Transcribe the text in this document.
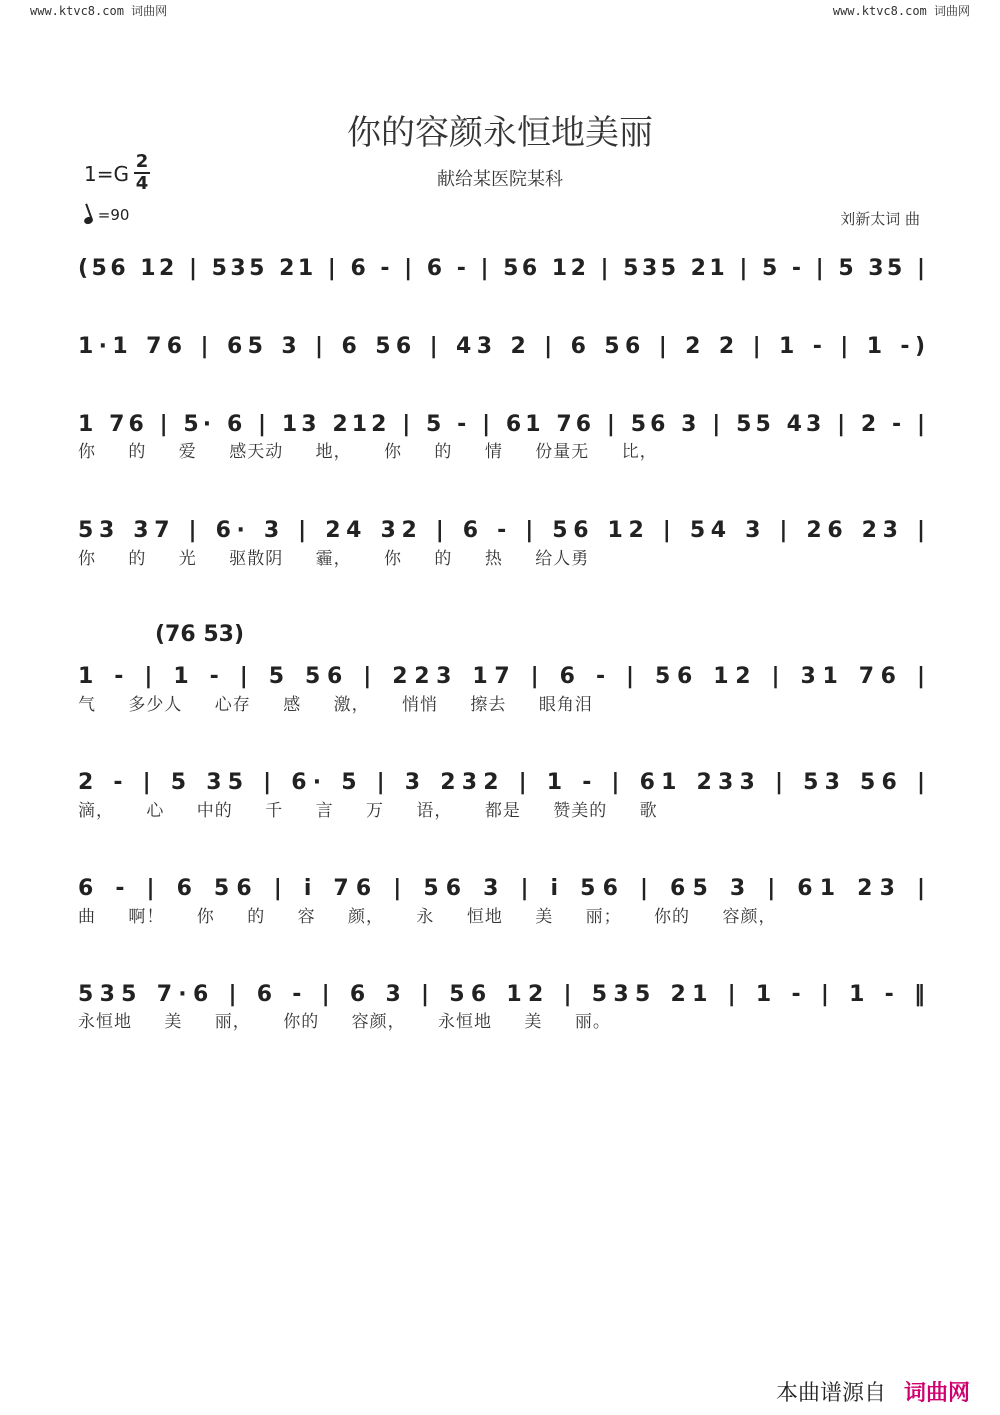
www.ktvc8.com 词曲网	www.ktvc8.com 词曲网
你的容颜永恒地美丽
献给某医院某科
1=G
2
4
=90	刘新太词 曲
(56 12 | 535 21 | 6 - | 6 - | 56 12 | 535 21 | 5 - | 5 35 |
1·1 76 | 65 3 | 6 56 | 43 2 | 6 56 | 2 2 | 1 - | 1 -)
1 76 | 5· 6 | 13 212 | 5 - | 61 76 | 56 3 | 55 43 | 2 - |
53 37 | 6· 3 | 24 32 | 6 - | 56 12 | 54 3 | 26 23 |
1 - | 1 - | 5 56 | 223 17 | 6 - | 56 12 | 31 76 |
(76 53)
2 - | 5 35 | 6· 5 | 3 232 | 1 - | 61 233 | 53 56 |
6 - | 6 56 | i 76 | 56 3 | i 56 | 65 3 | 61 23 |
535 7·6 | 6 - | 6 3 | 56 12 | 535 21 | 1 - | 1 - ‖
你 的 爱 感天动 地， 你 的 情 份量无 比，
你 的 光 驱散阴 霾， 你 的 热 给人勇
气 多少人 心存 感 激， 悄悄 擦去 眼角泪
滴， 心 中的 千 言 万 语， 都是 赞美的 歌
曲 啊！ 你 的 容 颜， 永 恒地 美 丽； 你的 容颜，
永恒地 美 丽， 你的 容颜， 永恒地 美 丽。
本曲谱源自 词曲网
